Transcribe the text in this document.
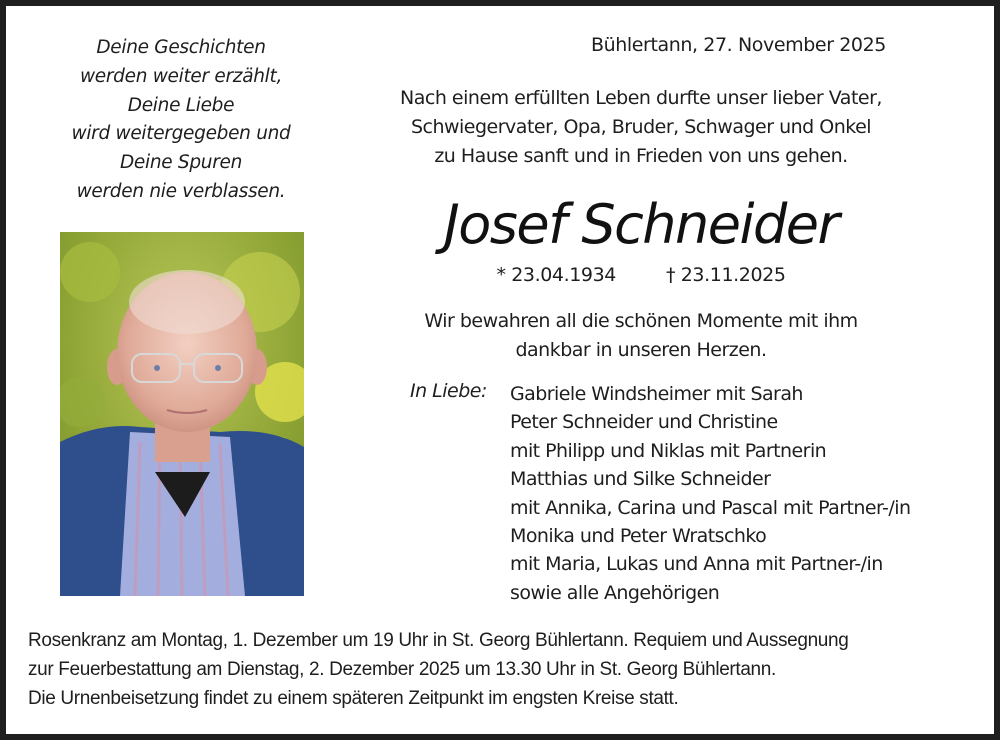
Deine Geschichten
werden weiter erzählt,
Deine Liebe
wird weitergegeben und
Deine Spuren
werden nie verblassen.
Bühlertann, 27. November 2025
Nach einem erfüllten Leben durfte unser lieber Vater,
Schwiegervater, Opa, Bruder, Schwager und Onkel
zu Hause sanft und in Frieden von uns gehen.
Josef Schneider
* 23.04.1934	† 23.11.2025
Wir bewahren all die schönen Momente mit ihm
dankbar in unseren Herzen.
In Liebe: Gabriele Windsheimer mit Sarah
Peter Schneider und Christine
mit Philipp und Niklas mit Partnerin
Matthias und Silke Schneider
mit Annika, Carina und Pascal mit Partner-/in
Monika und Peter Wratschko
mit Maria, Lukas und Anna mit Partner-/in
sowie alle Angehörigen
Rosenkranz am Montag, 1. Dezember um 19 Uhr in St. Georg Bühlertann. Requiem und Aussegnung
zur Feuerbestattung am Dienstag, 2. Dezember 2025 um 13.30 Uhr in St. Georg Bühlertann.
Die Urnenbeisetzung findet zu einem späteren Zeitpunkt im engsten Kreise statt.
